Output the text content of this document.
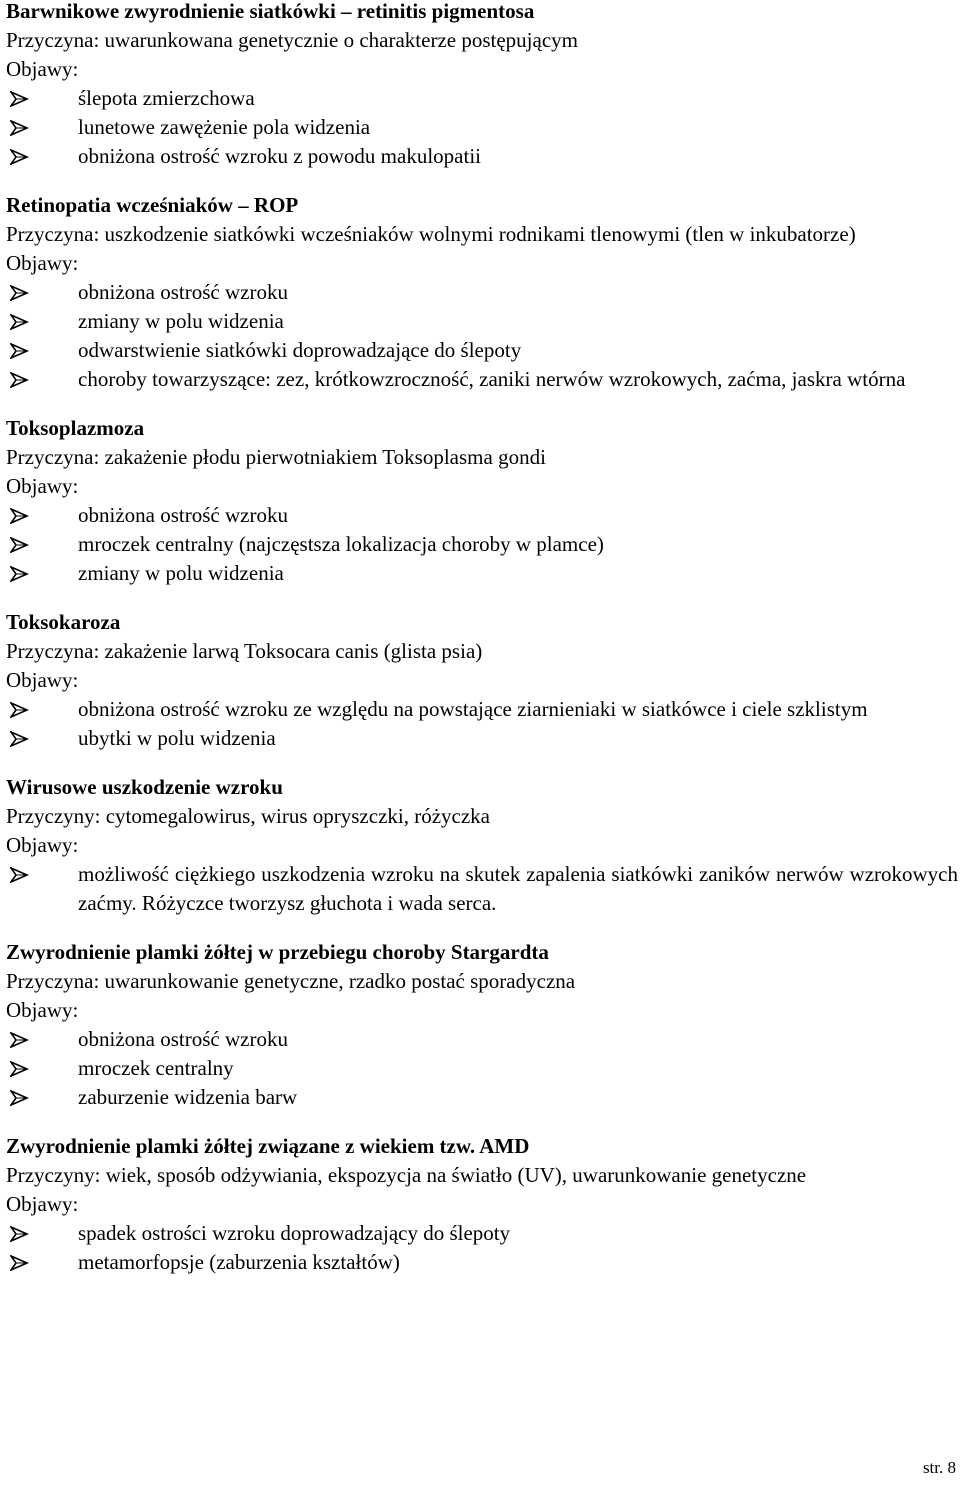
Barwnikowe zwyrodnienie siatkówki – retinitis pigmentosa
Przyczyna: uwarunkowana genetycznie o charakterze postępującym
Objawy:
ślepota zmierzchowa
lunetowe zawężenie pola widzenia
obniżona ostrość wzroku z powodu makulopatii
Retinopatia wcześniaków – ROP
Przyczyna: uszkodzenie siatkówki wcześniaków wolnymi rodnikami tlenowymi (tlen w inkubatorze)
Objawy:
obniżona ostrość wzroku
zmiany w polu widzenia
odwarstwienie siatkówki doprowadzające do ślepoty
choroby towarzyszące: zez, krótkowzroczność, zaniki nerwów wzrokowych, zaćma, jaskra wtórna
Toksoplazmoza
Przyczyna: zakażenie płodu pierwotniakiem Toksoplasma gondi
Objawy:
obniżona ostrość wzroku
mroczek centralny (najczęstsza lokalizacja choroby w plamce)
zmiany w polu widzenia
Toksokaroza
Przyczyna: zakażenie larwą Toksocara canis (glista psia)
Objawy:
obniżona ostrość wzroku ze względu na powstające ziarnieniaki w siatkówce i ciele szklistym
ubytki w polu widzenia
Wirusowe uszkodzenie wzroku
Przyczyny: cytomegalowirus, wirus opryszczki, różyczka
Objawy:
możliwość ciężkiego uszkodzenia wzroku na skutek zapalenia siatkówki zaników nerwów wzrokowych zaćmy. Różyczce tworzysz głuchota i wada serca.
Zwyrodnienie plamki żółtej w przebiegu choroby Stargardta
Przyczyna: uwarunkowanie genetyczne, rzadko postać sporadyczna
Objawy:
obniżona ostrość wzroku
mroczek centralny
zaburzenie widzenia barw
Zwyrodnienie plamki żółtej związane z wiekiem tzw. AMD
Przyczyny: wiek, sposób odżywiania, ekspozycja na światło (UV), uwarunkowanie genetyczne
Objawy:
spadek ostrości wzroku doprowadzający do ślepoty
metamorfopsje (zaburzenia kształtów)
str. 8
